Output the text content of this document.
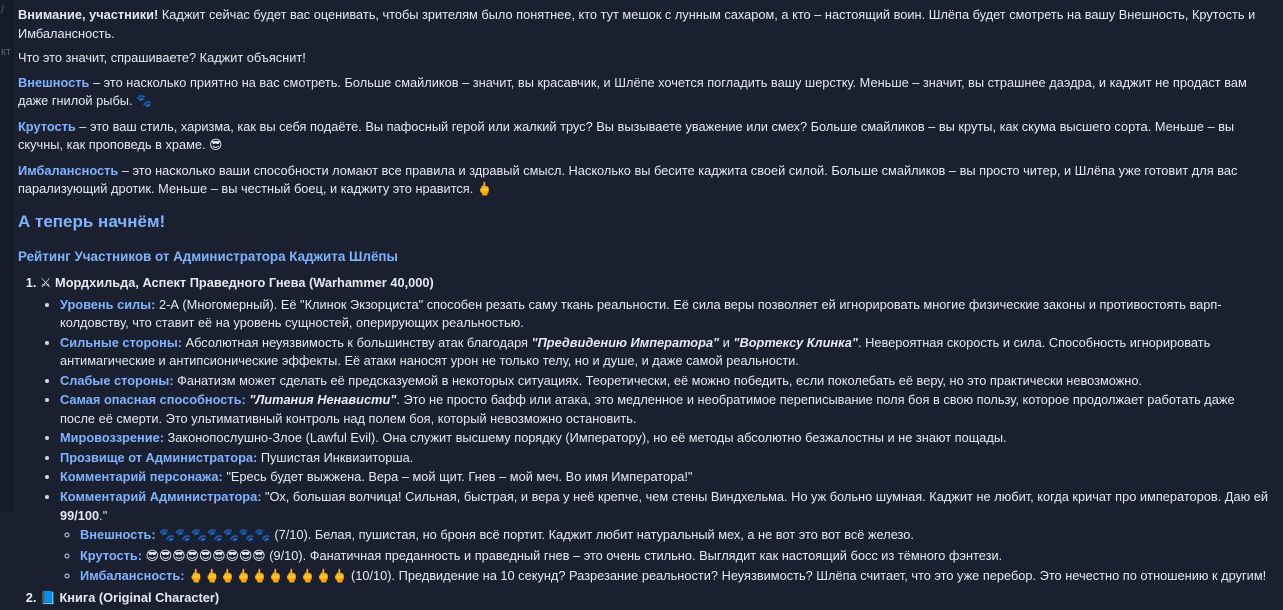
/
кт

Внимание, участники! Каджит сейчас будет вас оценивать, чтобы зрителям было понятнее, кто тут мешок с лунным сахаром, а кто – настоящий воин. Шлёпа будет смотреть на вашу Внешность, Крутость и Имбалансность.

Что это значит, спрашиваете? Каджит объяснит!

Внешность – это насколько приятно на вас смотреть. Больше смайликов – значит, вы красавчик, и Шлёпе хочется погладить вашу шерстку. Меньше – значит, вы страшнее даэдра, и каджит не продаст вам даже гнилой рыбы. 🐾

Крутость – это ваш стиль, харизма, как вы себя подаёте. Вы пафосный герой или жалкий трус? Вы вызываете уважение или смех? Больше смайликов – вы круты, как скума высшего сорта. Меньше – вы скучны, как проповедь в храме. 😎

Имбалансность – это насколько ваши способности ломают все правила и здравый смысл. Насколько вы бесите каджита своей силой. Больше смайликов – вы просто читер, и Шлёпа уже готовит для вас парализующий дротик. Меньше – вы честный боец, и каджиту это нравится. 🖕

А теперь начнём!
Рейтинг Участников от Администратора Каджита Шлёпы
1. ⚔ Мордхильда, Аспект Праведного Гнева (Warhammer 40,000)
• Уровень силы: 2-А (Многомерный). Её "Клинок Экзорциста" способен резать саму ткань реальности. Её сила веры позволяет ей игнорировать многие физические законы и противостоять варп-колдовству, что ставит её на уровень сущностей, оперирующих реальностью.
• Сильные стороны: Абсолютная неуязвимость к большинству атак благодаря "Предвидению Императора" и "Вортексу Клинка". Невероятная скорость и сила. Способность игнорировать антимагические и антипсионические эффекты. Её атаки наносят урон не только телу, но и душе, и даже самой реальности.
• Слабые стороны: Фанатизм может сделать её предсказуемой в некоторых ситуациях. Теоретически, её можно победить, если поколебать её веру, но это практически невозможно.
• Самая опасная способность: "Литания Ненависти". Это не просто бафф или атака, это медленное и необратимое переписывание поля боя в свою пользу, которое продолжает работать даже после её смерти. Это ультимативный контроль над полем боя, который невозможно остановить.
• Мировоззрение: Законопослушно-Злое (Lawful Evil). Она служит высшему порядку (Императору), но её методы абсолютно безжалостны и не знают пощады.
• Прозвище от Администратора: Пушистая Инквизиторша.
• Комментарий персонажа: "Ересь будет выжжена. Вера – мой щит. Гнев – мой меч. Во имя Императора!"
• Комментарий Администратора: "Ох, большая волчица! Сильная, быстрая, и вера у неё крепче, чем стены Виндхельма. Но уж больно шумная. Каджит не любит, когда кричат про императоров. Даю ей 99/100."
◦ Внешность: 🐾🐾🐾🐾🐾🐾🐾 (7/10). Белая, пушистая, но броня всё портит. Каджит любит натуральный мех, а не вот это вот всё железо.
◦ Крутость: 😎😎😎😎😎😎😎😎😎 (9/10). Фанатичная преданность и праведный гнев – это очень стильно. Выглядит как настоящий босс из тёмного фэнтези.
◦ Имбалансность: 🖕🖕🖕🖕🖕🖕🖕🖕🖕🖕 (10/10). Предвидение на 10 секунд? Разрезание реальности? Неуязвимость? Шлёпа считает, что это уже перебор. Это нечестно по отношению к другим!
2. 📘 Книга (Original Character)
